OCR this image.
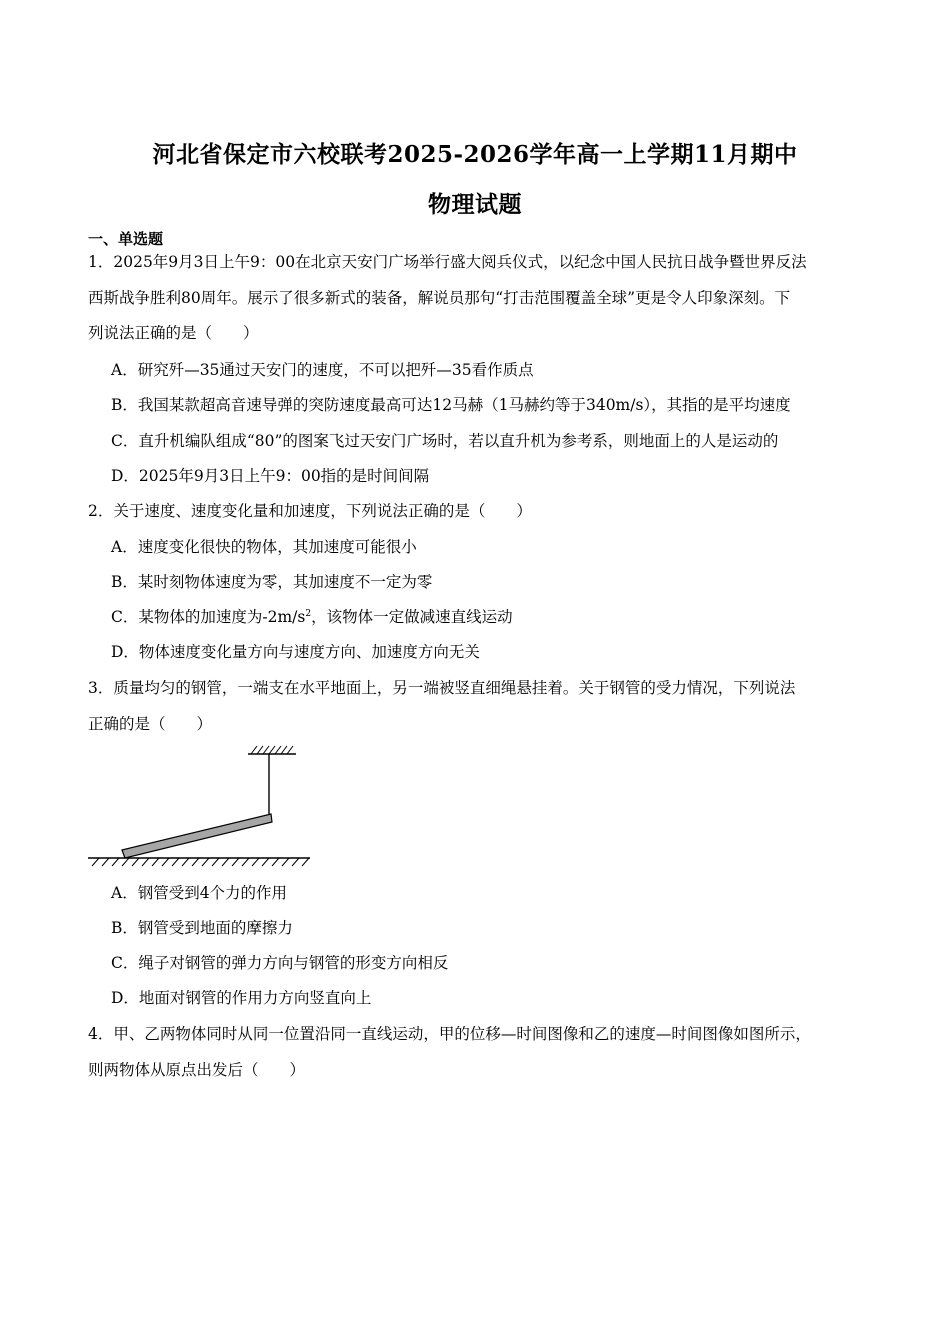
河北省保定市六校联考2025-2026学年高一上学期11月期中
物理试题
一、单选题
1．2025年9月3日上午9：00在北京天安门广场举行盛大阅兵仪式，以纪念中国人民抗日战争暨世界反法
西斯战争胜利80周年。展示了很多新式的装备，解说员那句“打击范围覆盖全球”更是令人印象深刻。下
列说法正确的是（　　）
A．研究歼—35通过天安门的速度，不可以把歼—35看作质点
B．我国某款超高音速导弹的突防速度最高可达12马赫（1马赫约等于340m/s），其指的是平均速度
C．直升机编队组成“80”的图案飞过天安门广场时，若以直升机为参考系，则地面上的人是运动的
D．2025年9月3日上午9：00指的是时间间隔
2．关于速度、速度变化量和加速度，下列说法正确的是（　　）
A．速度变化很快的物体，其加速度可能很小
B．某时刻物体速度为零，其加速度不一定为零
C．某物体的加速度为$-2m/s^2$，该物体一定做减速直线运动
D．物体速度变化量方向与速度方向、加速度方向无关
3．质量均匀的钢管，一端支在水平地面上，另一端被竖直细绳悬挂着。关于钢管的受力情况，下列说法
正确的是（　　）
A．钢管受到4个力的作用
B．钢管受到地面的摩擦力
C．绳子对钢管的弹力方向与钢管的形变方向相反
D．地面对钢管的作用力方向竖直向上
4．甲、乙两物体同时从同一位置沿同一直线运动，甲的位移—时间图像和乙的速度—时间图像如图所示，
则两物体从原点出发后（　　）
